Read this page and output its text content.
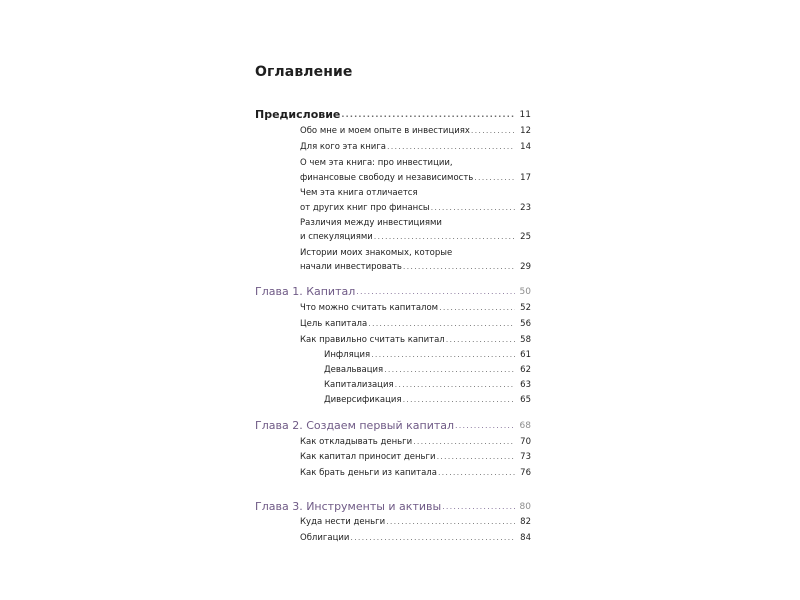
Оглавление
Предисловие .....	11
Обо мне и моем опыте в инвестициях .....	12
Для кого эта книга .....	14
О чем эта книга: про инвестиции,
финансовые свободу и независимость .....	17
Чем эта книга отличается
от других книг про финансы .....	23
Различия между инвестициями
и спекуляциями .....	25
Истории моих знакомых, которые
начали инвестировать .....	29
Глава 1. Капитал .....	50
Что можно считать капиталом .....	52
Цель капитала .....	56
Как правильно считать капитал .....	58
Инфляция .....	61
Девальвация .....	62
Капитализация .....	63
Диверсификация .....	65
Глава 2. Создаем первый капитал .....	68
Как откладывать деньги .....	70
Как капитал приносит деньги .....	73
Как брать деньги из капитала .....	76
Глава 3. Инструменты и активы .....	80
Куда нести деньги .....	82
Облигации .....	84
